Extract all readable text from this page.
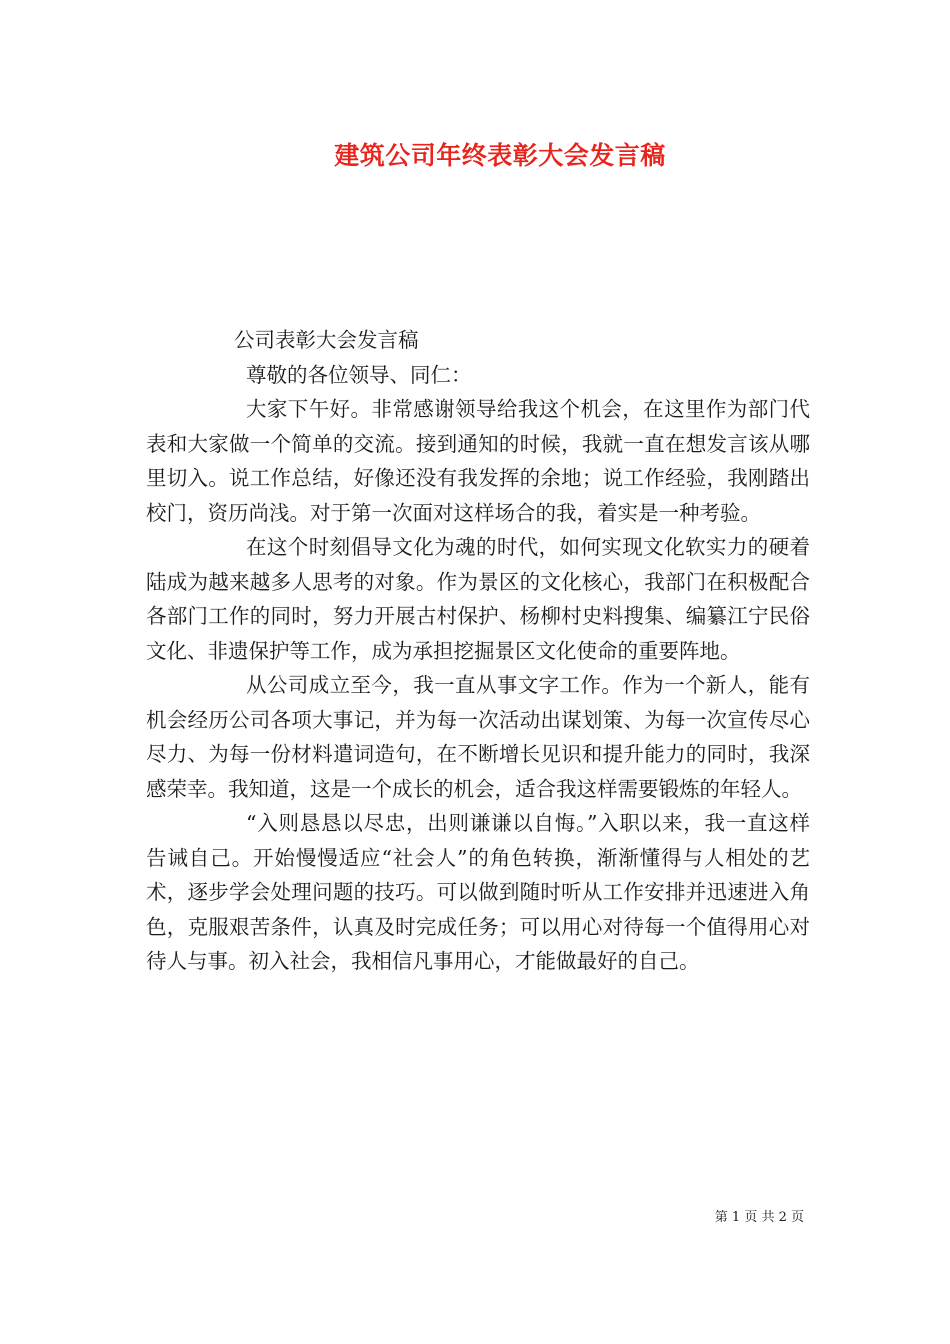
建筑公司年终表彰大会发言稿

公司表彰大会发言稿

尊敬的各位领导、同仁：

大家下午好。非常感谢领导给我这个机会，在这里作为部门代表和大家做一个简单的交流。接到通知的时候，我就一直在想发言该从哪里切入。说工作总结，好像还没有我发挥的余地；说工作经验，我刚踏出校门，资历尚浅。对于第一次面对这样场合的我，着实是一种考验。

在这个时刻倡导文化为魂的时代，如何实现文化软实力的硬着陆成为越来越多人思考的对象。作为景区的文化核心，我部门在积极配合各部门工作的同时，努力开展古村保护、杨柳村史料搜集、编纂江宁民俗文化、非遗保护等工作，成为承担挖掘景区文化使命的重要阵地。

从公司成立至今，我一直从事文字工作。作为一个新人，能有机会经历公司各项大事记，并为每一次活动出谋划策、为每一次宣传尽心尽力、为每一份材料遣词造句，在不断增长见识和提升能力的同时，我深感荣幸。我知道，这是一个成长的机会，适合我这样需要锻炼的年轻人。

“入则恳恳以尽忠，出则谦谦以自悔。”入职以来，我一直这样告诫自己。开始慢慢适应“社会人”的角色转换，渐渐懂得与人相处的艺术，逐步学会处理问题的技巧。可以做到随时听从工作安排并迅速进入角色，克服艰苦条件，认真及时完成任务；可以用心对待每一个值得用心对待人与事。初入社会，我相信凡事用心，才能做最好的自己。

第 1 页 共 2 页
